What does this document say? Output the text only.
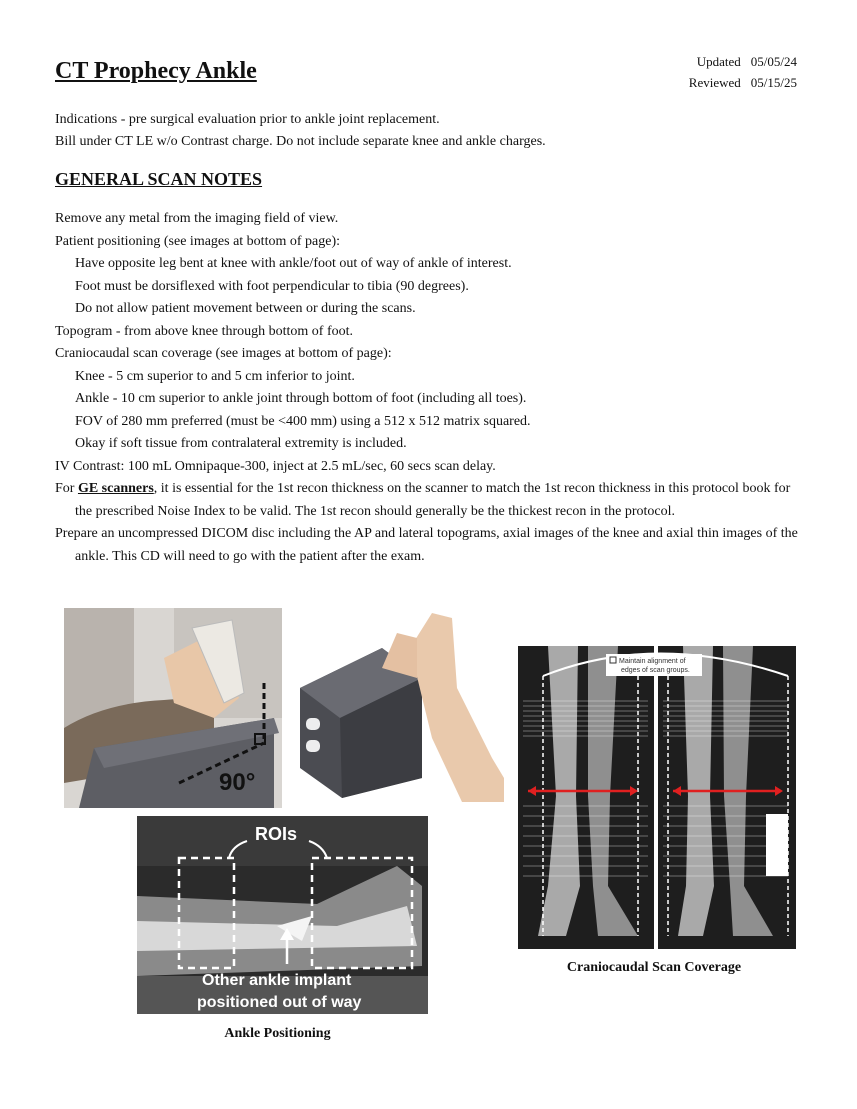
CT Prophecy Ankle	Updated 05/05/24
Reviewed 05/15/25
Indications - pre surgical evaluation prior to ankle joint replacement.
Bill under CT LE w/o Contrast charge. Do not include separate knee and ankle charges.
GENERAL SCAN NOTES

Remove any metal from the imaging field of view.

Patient positioning (see images at bottom of page):

Have opposite leg bent at knee with ankle/foot out of way of ankle of interest.

Foot must be dorsiflexed with foot perpendicular to tibia (90 degrees).

Do not allow patient movement between or during the scans.

Topogram - from above knee through bottom of foot.

Craniocaudal scan coverage (see images at bottom of page):

Knee - 5 cm superior to and 5 cm inferior to joint.

Ankle - 10 cm superior to ankle joint through bottom of foot (including all toes).

FOV of 280 mm preferred (must be <400 mm) using a 512 x 512 matrix squared.

Okay if soft tissue from contralateral extremity is included.

IV Contrast: 100 mL Omnipaque-300, inject at 2.5 mL/sec, 60 secs scan delay.

For GE scanners, it is essential for the 1st recon thickness on the scanner to match the 1st recon thickness in this protocol book for the prescribed Noise Index to be valid. The 1st recon should generally be the thickest recon in the protocol.

Prepare an uncompressed DICOM disc including the AP and lateral topograms, axial images of the knee and axial thin images of the ankle. This CD will need to go with the patient after the exam.

90°
ROIs
Other ankle implant
positioned out of way
Ankle Positioning
Maintain alignment of
edges of scan groups.
Craniocaudal Scan Coverage
